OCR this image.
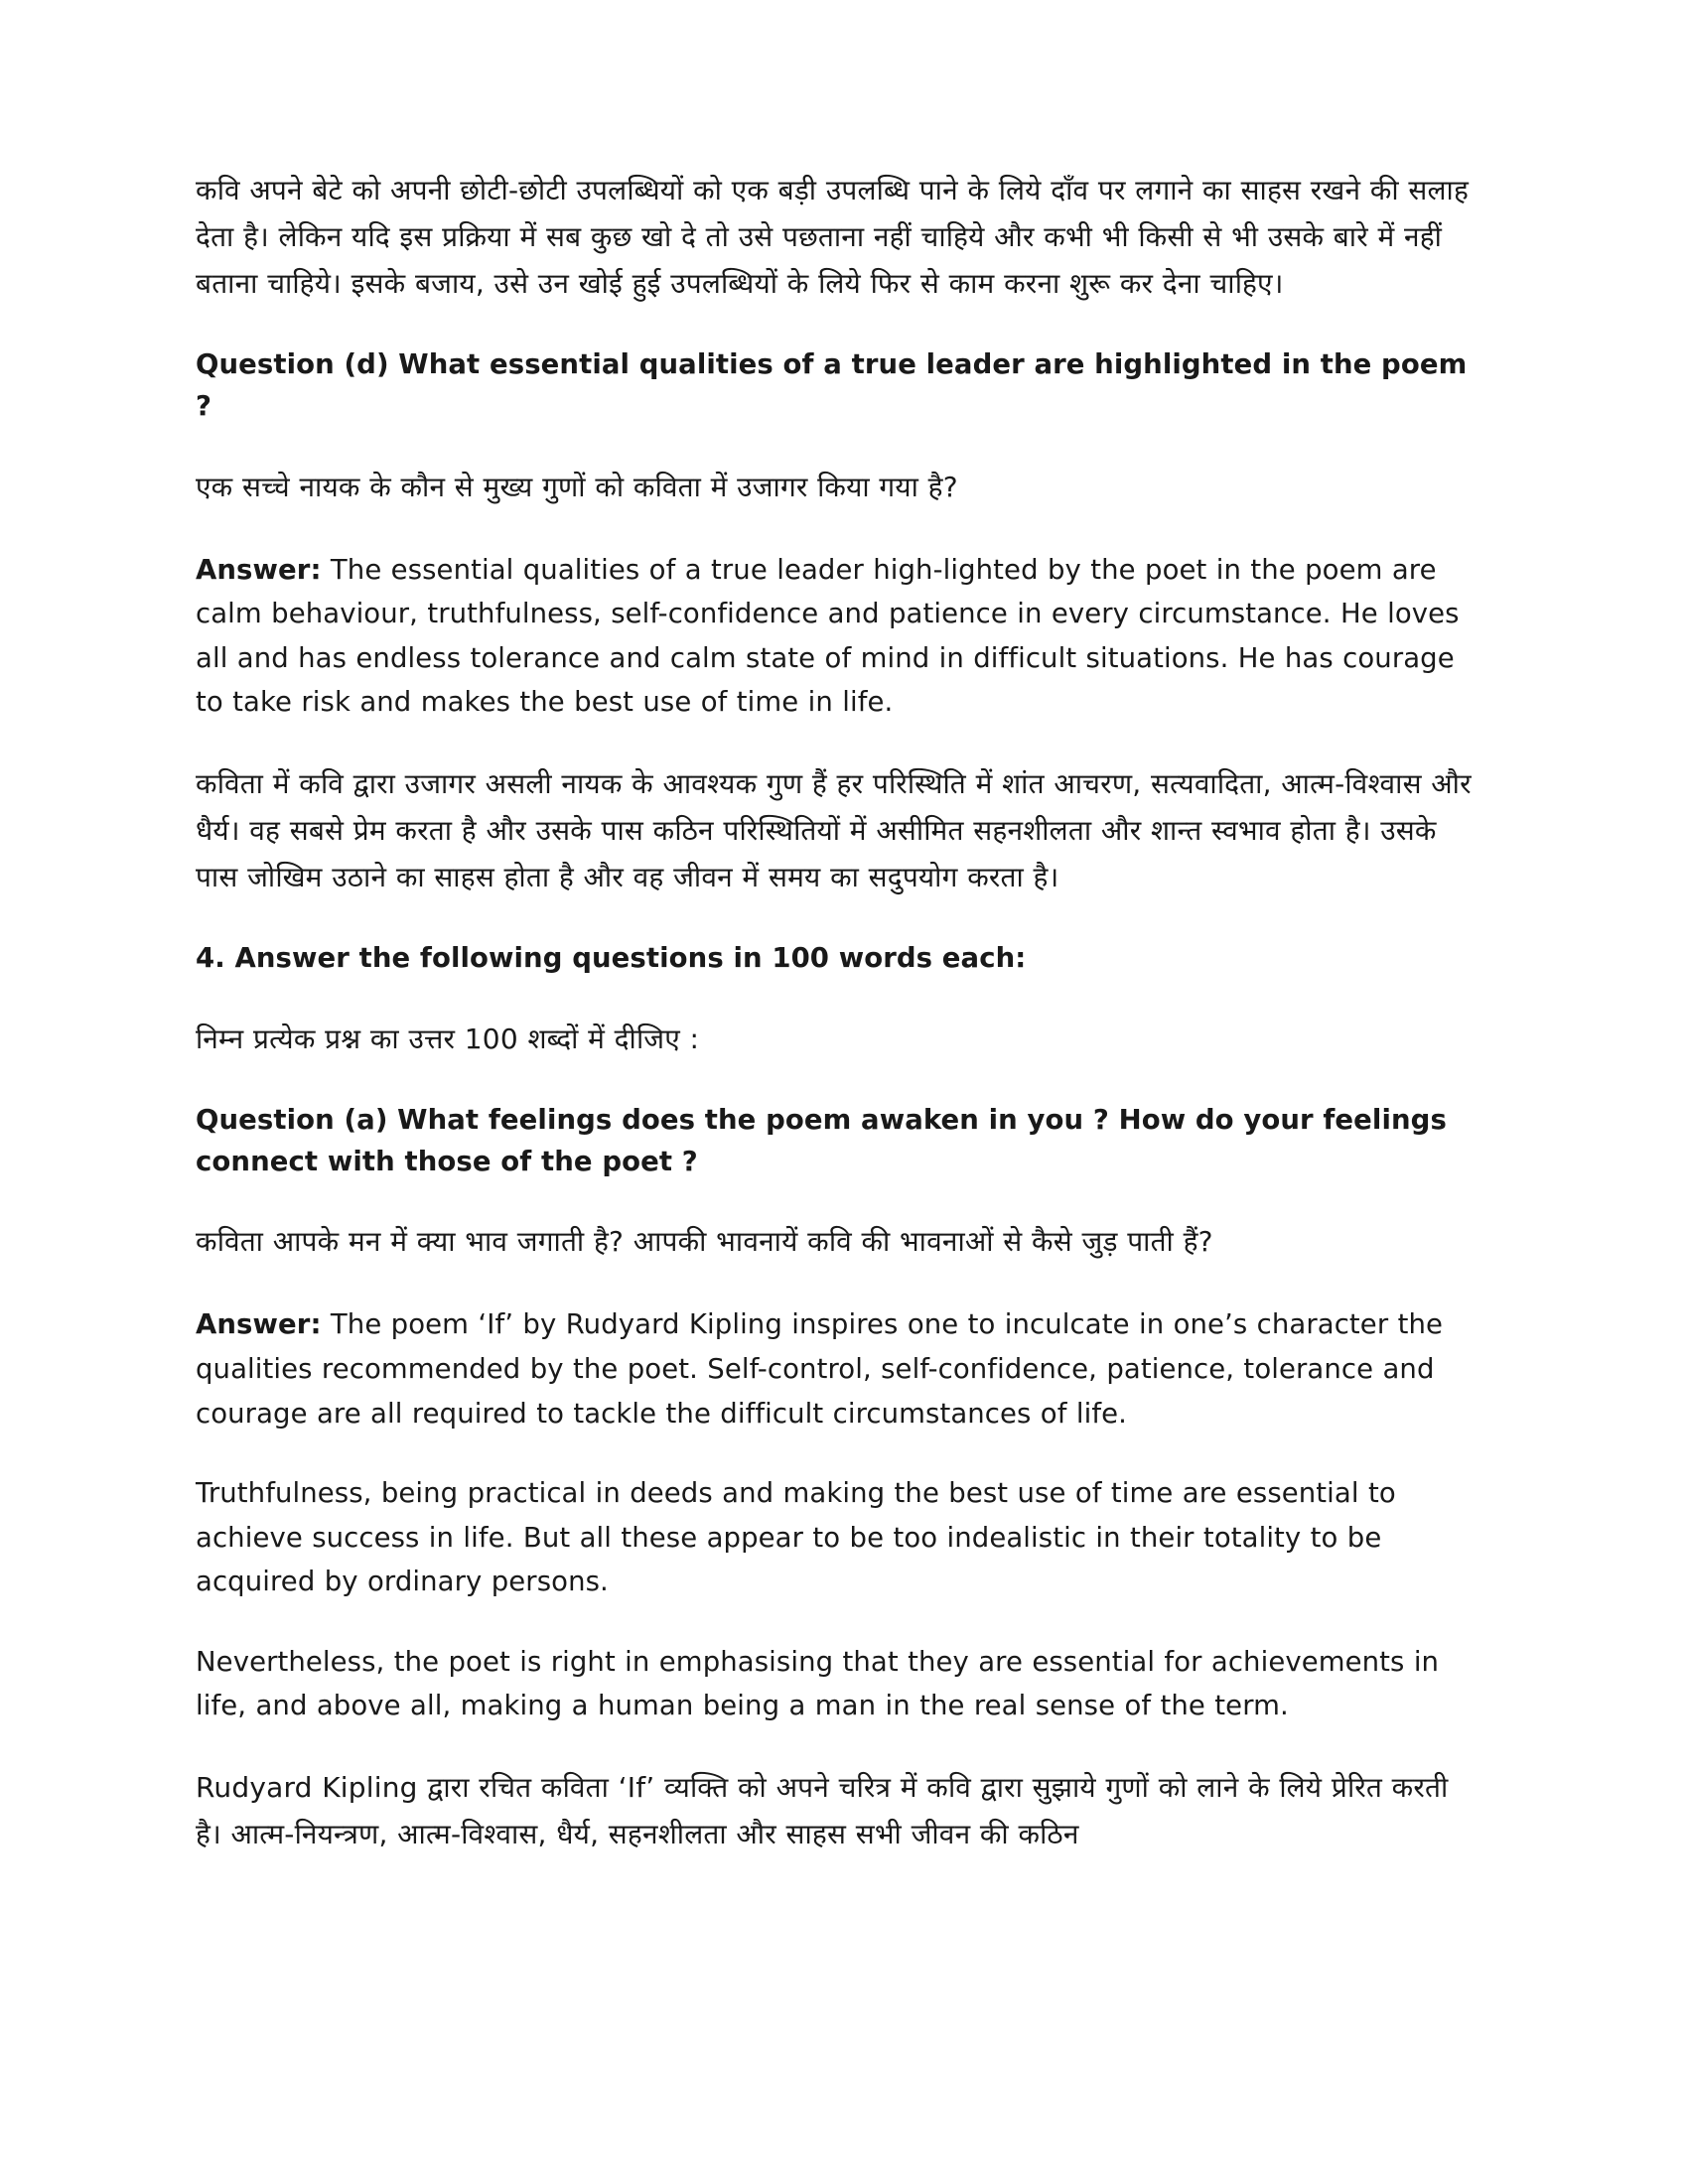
कवि अपने बेटे को अपनी छोटी-छोटी उपलब्धियों को एक बड़ी उपलब्धि पाने के लिये दाँव पर लगाने का साहस रखने की सलाह देता है। लेकिन यदि इस प्रक्रिया में सब कुछ खो दे तो उसे पछताना नहीं चाहिये और कभी भी किसी से भी उसके बारे में नहीं बताना चाहिये। इसके बजाय, उसे उन खोई हुई उपलब्धियों के लिये फिर से काम करना शुरू कर देना चाहिए।

Question (d) What essential qualities of a true leader are highlighted in the poem ?

एक सच्चे नायक के कौन से मुख्य गुणों को कविता में उजागर किया गया है?

Answer: The essential qualities of a true leader high-lighted by the poet in the poem are calm behaviour, truthfulness, self-confidence and patience in every circumstance. He loves all and has endless tolerance and calm state of mind in difficult situations. He has courage to take risk and makes the best use of time in life.

कविता में कवि द्वारा उजागर असली नायक के आवश्यक गुण हैं हर परिस्थिति में शांत आचरण, सत्यवादिता, आत्म-विश्वास और धैर्य। वह सबसे प्रेम करता है और उसके पास कठिन परिस्थितियों में असीमित सहनशीलता और शान्त स्वभाव होता है। उसके पास जोखिम उठाने का साहस होता है और वह जीवन में समय का सदुपयोग करता है।

4. Answer the following questions in 100 words each:

निम्न प्रत्येक प्रश्न का उत्तर 100 शब्दों में दीजिए :

Question (a) What feelings does the poem awaken in you ? How do your feelings connect with those of the poet ?

कविता आपके मन में क्या भाव जगाती है? आपकी भावनायें कवि की भावनाओं से कैसे जुड़ पाती हैं?

Answer: The poem ‘If’ by Rudyard Kipling inspires one to inculcate in one’s character the qualities recommended by the poet. Self-control, self-confidence, patience, tolerance and courage are all required to tackle the difficult circumstances of life.

Truthfulness, being practical in deeds and making the best use of time are essential to achieve success in life. But all these appear to be too indealistic in their totality to be acquired by ordinary persons.

Nevertheless, the poet is right in emphasising that they are essential for achievements in life, and above all, making a human being a man in the real sense of the term.

Rudyard Kipling द्वारा रचित कविता ‘If’ व्यक्ति को अपने चरित्र में कवि द्वारा सुझाये गुणों को लाने के लिये प्रेरित करती है। आत्म-नियन्त्रण, आत्म-विश्वास, धैर्य, सहनशीलता और साहस सभी जीवन की कठिन
